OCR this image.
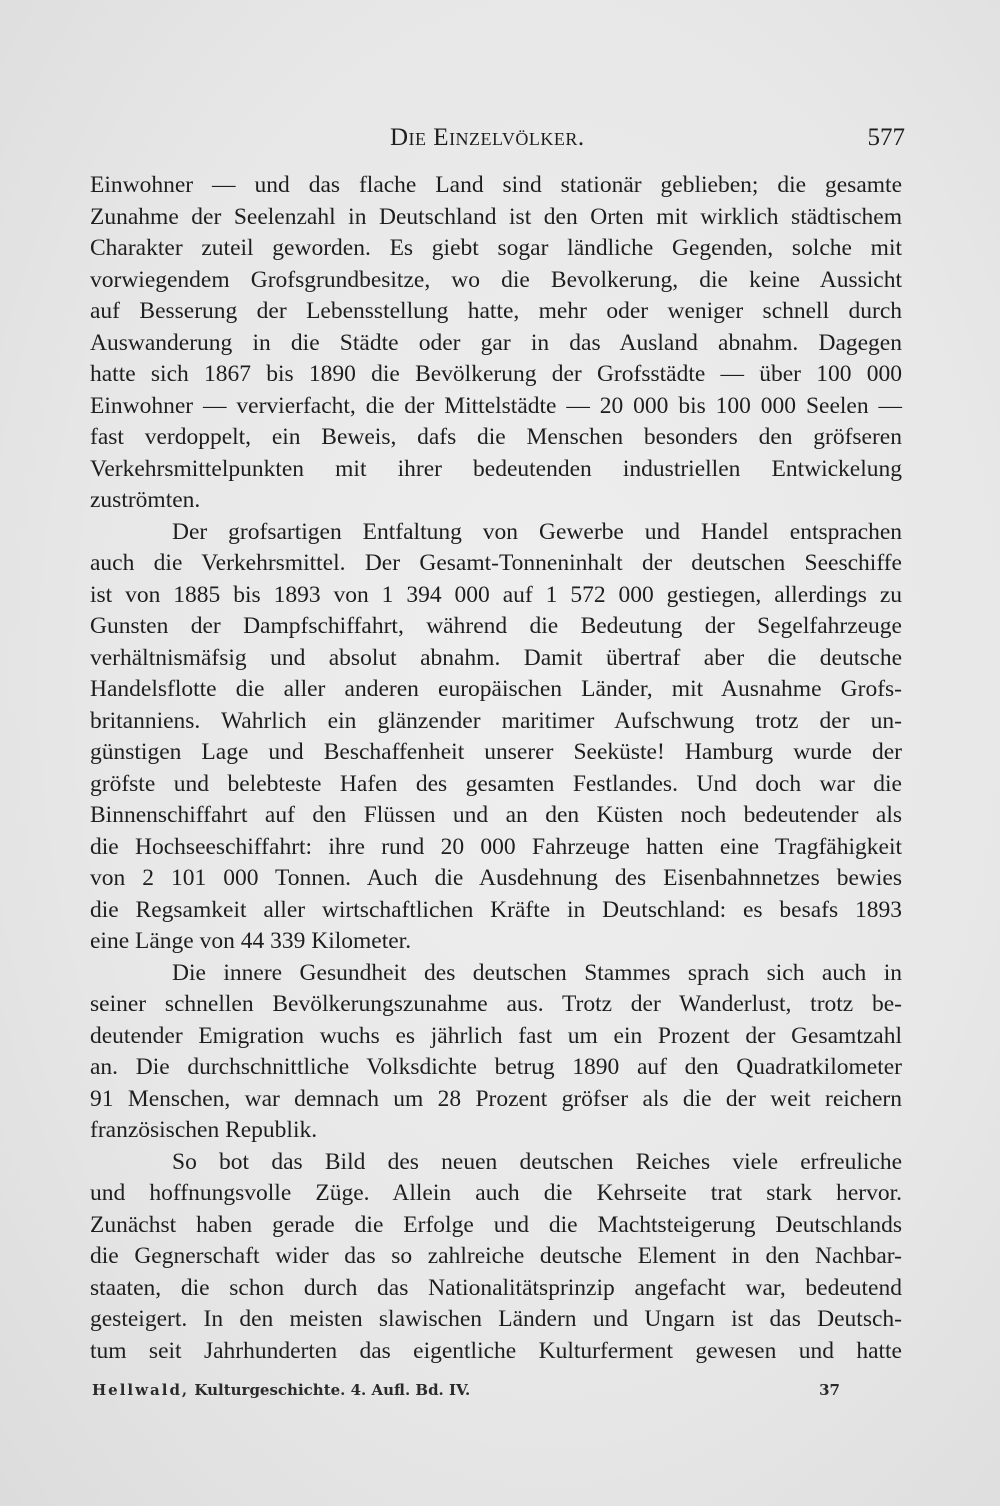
Die Einzelvölker.	577
Einwohner — und das flache Land sind stationär geblieben; die gesamte
Zunahme der Seelenzahl in Deutschland ist den Orten mit wirklich städtischem
Charakter zuteil geworden. Es giebt sogar ländliche Gegenden, solche mit
vorwiegendem Grofsgrundbesitze, wo die Bevolkerung, die keine Aussicht
auf Besserung der Lebensstellung hatte, mehr oder weniger schnell durch
Auswanderung in die Städte oder gar in das Ausland abnahm. Dagegen
hatte sich 1867 bis 1890 die Bevölkerung der Grofsstädte — über 100 000
Einwohner — vervierfacht, die der Mittelstädte — 20 000 bis 100 000 Seelen —
fast verdoppelt, ein Beweis, dafs die Menschen besonders den gröfseren
Verkehrsmittelpunkten mit ihrer bedeutenden industriellen Entwickelung
zuströmten.
Der grofsartigen Entfaltung von Gewerbe und Handel entsprachen
auch die Verkehrsmittel. Der Gesamt-Tonneninhalt der deutschen Seeschiffe
ist von 1885 bis 1893 von 1 394 000 auf 1 572 000 gestiegen, allerdings zu
Gunsten der Dampfschiffahrt, während die Bedeutung der Segelfahrzeuge
verhältnismäfsig und absolut abnahm. Damit übertraf aber die deutsche
Handelsflotte die aller anderen europäischen Länder, mit Ausnahme Grofs-
britanniens. Wahrlich ein glänzender maritimer Aufschwung trotz der un-
günstigen Lage und Beschaffenheit unserer Seeküste! Hamburg wurde der
gröfste und belebteste Hafen des gesamten Festlandes. Und doch war die
Binnenschiffahrt auf den Flüssen und an den Küsten noch bedeutender als
die Hochseeschiffahrt: ihre rund 20 000 Fahrzeuge hatten eine Tragfähigkeit
von 2 101 000 Tonnen. Auch die Ausdehnung des Eisenbahnnetzes bewies
die Regsamkeit aller wirtschaftlichen Kräfte in Deutschland: es besafs 1893
eine Länge von 44 339 Kilometer.
Die innere Gesundheit des deutschen Stammes sprach sich auch in
seiner schnellen Bevölkerungszunahme aus. Trotz der Wanderlust, trotz be-
deutender Emigration wuchs es jährlich fast um ein Prozent der Gesamtzahl
an. Die durchschnittliche Volksdichte betrug 1890 auf den Quadratkilometer
91 Menschen, war demnach um 28 Prozent gröfser als die der weit reichern
französischen Republik.
So bot das Bild des neuen deutschen Reiches viele erfreuliche
und hoffnungsvolle Züge. Allein auch die Kehrseite trat stark hervor.
Zunächst haben gerade die Erfolge und die Machtsteigerung Deutschlands
die Gegnerschaft wider das so zahlreiche deutsche Element in den Nachbar-
staaten, die schon durch das Nationalitätsprinzip angefacht war, bedeutend
gesteigert. In den meisten slawischen Ländern und Ungarn ist das Deutsch-
tum seit Jahrhunderten das eigentliche Kulturferment gewesen und hatte
Hellwald, Kulturgeschichte. 4. Aufl. Bd. IV.	37
